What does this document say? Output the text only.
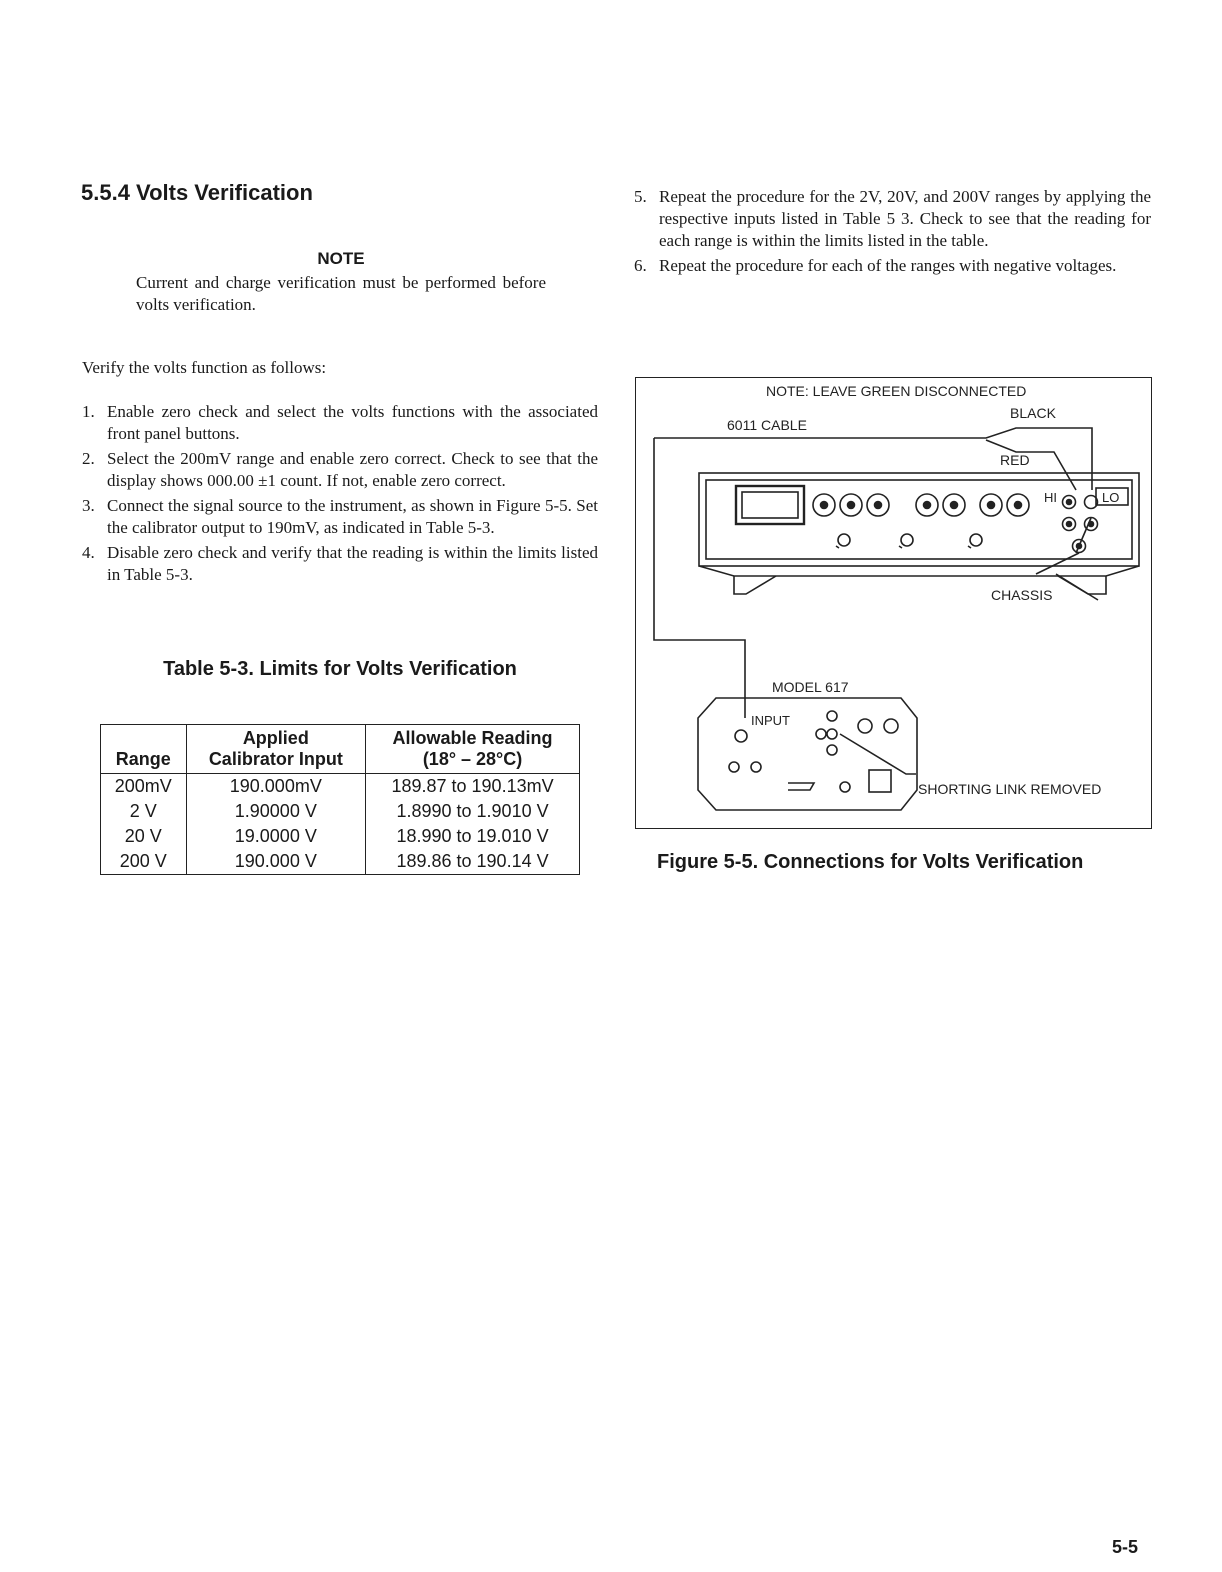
5.5.4 Volts Verification

NOTE

Current and charge verification must be performed before volts verification.

Verify the volts function as follows:

1. Enable zero check and select the volts functions with the associated front panel buttons.
2. Select the 200mV range and enable zero correct. Check to see that the display shows 000.00 ±1 count. If not, enable zero correct.
3. Connect the signal source to the instrument, as shown in Figure 5-5. Set the calibrator output to 190mV, as indicated in Table 5-3.
4. Disable zero check and verify that the reading is within the limits listed in Table 5-3.

Table 5-3. Limits for Volts Verification

	Applied	Allowable Reading
Range	Calibrator Input	(18° – 28°C)
200mV	190.000mV	189.87 to 190.13mV
2 V	1.90000 V	1.8990 to 1.9010 V
20 V	19.0000 V	18.990 to 19.010 V
200 V	190.000 V	189.86 to 190.14 V
5. Repeat the procedure for the 2V, 20V, and 200V ranges by applying the respective inputs listed in Table 5 3. Check to see that the reading for each range is within the limits listed in the table.
6. Repeat the procedure for each of the ranges with negative voltages.
NOTE: LEAVE GREEN DISCONNECTED
BLACK
6011 CABLE
RED
HI	LO
CHASSIS
MODEL 617
INPUT
SHORTING LINK REMOVED

Figure 5-5. Connections for Volts Verification

5-5
